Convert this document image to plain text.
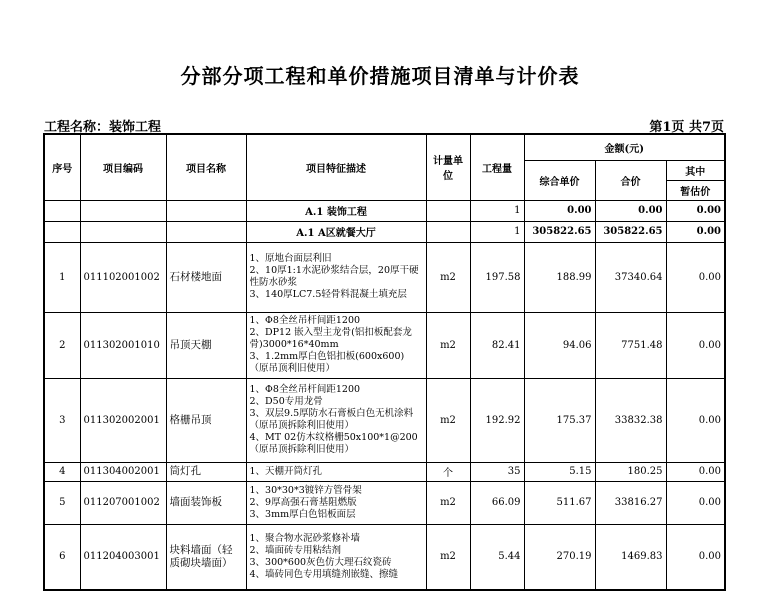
分部分项工程和单价措施项目清单与计价表
工程名称：装饰工程	第1页 共7页
序号	项目编码	项目名称	项目特征描述	计量单位	工程量	金额(元)		
						综合单价	合价	其中
								暂估价
			A.1 装饰工程		1	0.00	0.00	0.00
			A.1 A区就餐大厅		1	305822.65	305822.65	0.00
1	011102001002	石材楼地面	1、原地台面层利旧
2、10厚1:1水泥砂浆结合层，20厚干硬性防水砂浆
3、140厚LC7.5轻骨料混凝土填充层	m2	197.58	188.99	37340.64	0.00
2	011302001010	吊顶天棚	1、Φ8全丝吊杆间距1200
2、DP12 嵌入型主龙骨(铝扣板配套龙骨)3000*16*40mm
3、1.2mm厚白色铝扣板(600x600)（原吊顶利旧使用）	m2	82.41	94.06	7751.48	0.00
3	011302002001	格栅吊顶	1、Φ8全丝吊杆间距1200
2、D50专用龙骨
3、双层9.5厚防水石膏板白色无机涂料（原吊顶拆除利旧使用）
4、MT 02仿木纹格栅50x100*1@200（原吊顶拆除利旧使用）	m2	192.92	175.37	33832.38	0.00
4	011304002001	筒灯孔	1、天棚开筒灯孔	个	35	5.15	180.25	0.00
5	011207001002	墙面装饰板	1、30*30*3镀锌方管骨架
2、9厚高强石膏基阻燃版
3、3mm厚白色铝板面层	m2	66.09	511.67	33816.27	0.00
6	011204003001	块料墙面（轻质砌块墙面）	1、聚合物水泥砂浆修补墙
2、墙面砖专用粘结剂
3、300*600灰色仿大理石纹瓷砖
4、墙砖同色专用填缝剂嵌缝、擦缝	m2	5.44	270.19	1469.83	0.00
